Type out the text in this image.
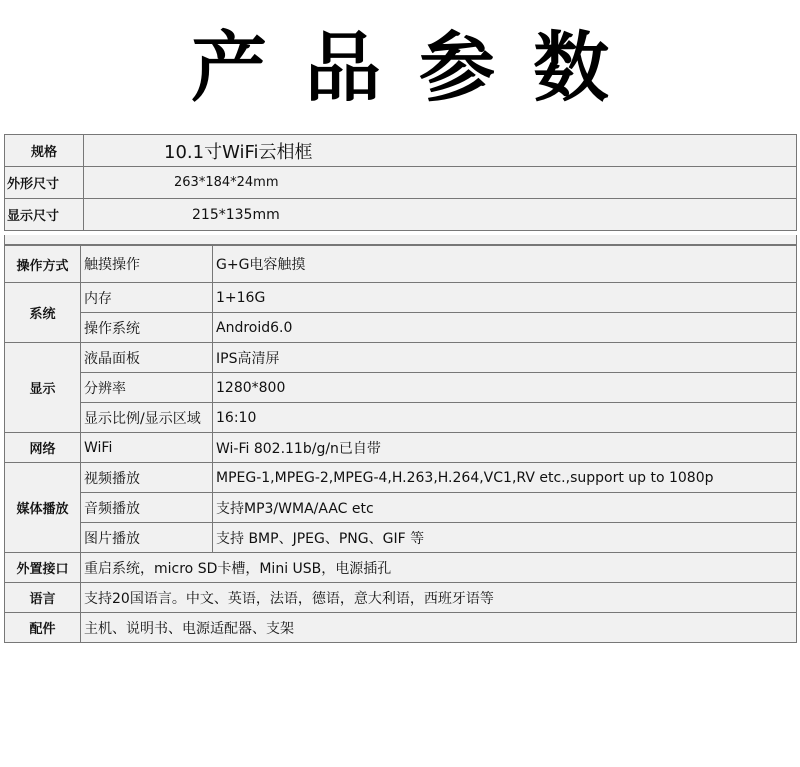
产品参数
规格	10.1寸WiFi云相框
外形尺寸	263*184*24mm
显示尺寸	215*135mm
操作方式	触摸操作	G+G电容触摸
系统	内存	1+16G
	操作系统	Android6.0
显示	液晶面板	IPS高清屏
	分辨率	1280*800
	显示比例/显示区域	16:10
网络	WiFi	Wi-Fi 802.11b/g/n已自带
媒体播放	视频播放	MPEG-1,MPEG-2,MPEG-4,H.263,H.264,VC1,RV etc.,support up to 1080p
	音频播放	支持MP3/WMA/AAC etc
	图片播放	支持 BMP、JPEG、PNG、GIF 等
外置接口	重启系统，micro SD卡槽，Mini USB，电源插孔	
语言	支持20国语言。中文、英语，法语，德语，意大利语，西班牙语等	
配件	主机、说明书、电源适配器、支架	
